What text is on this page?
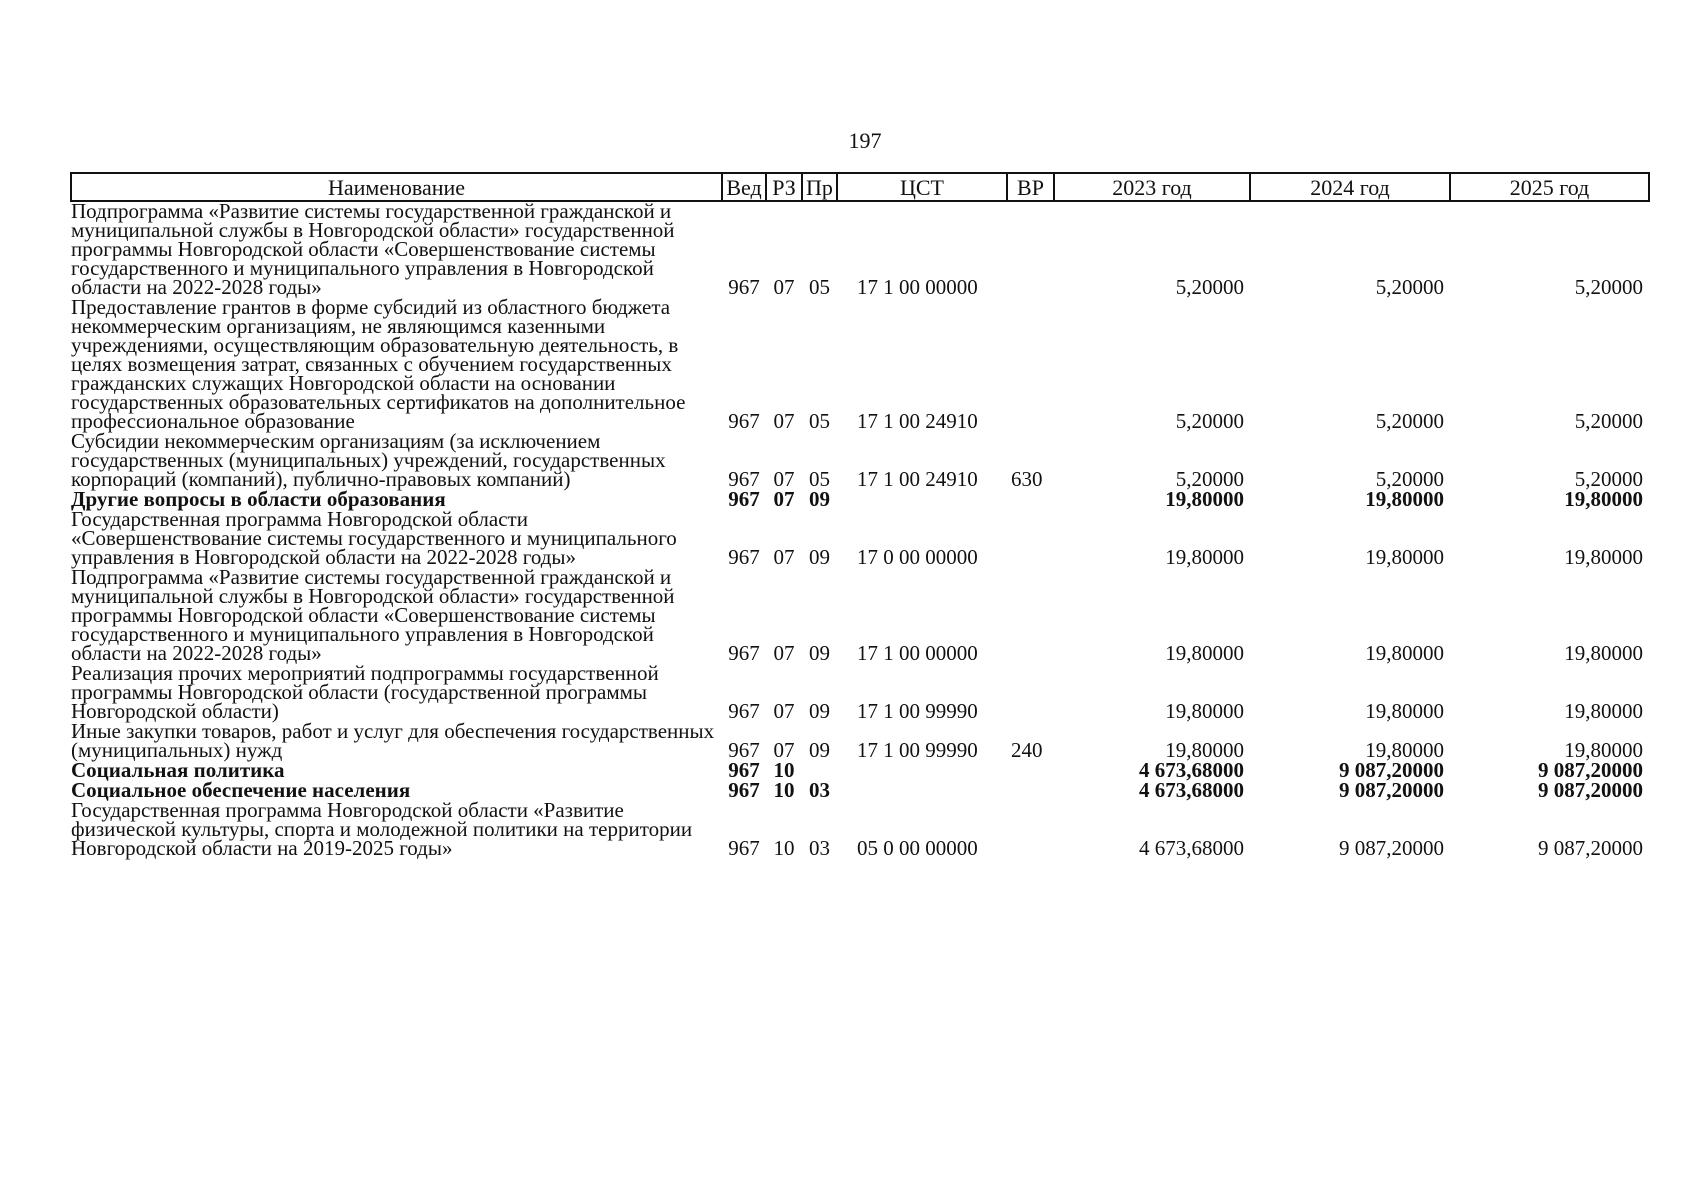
197
Наименование	Вед	РЗ	Пр	ЦСТ	ВР	2023 год	2024 год	2025 год
Подпрограмма «Развитие системы государственной гражданской и муниципальной службы в Новгородской области» государственной программы Новгородской области «Совершенствование системы государственного и муниципального управления в Новгородской области на 2022-2028 годы»	967	07	05	17 1 00 00000		5,20000	5,20000	5,20000
Предоставление грантов в форме субсидий из областного бюджета некоммерческим организациям, не являющимся казенными учреждениями, осуществляющим образовательную деятельность, в целях возмещения затрат, связанных с обучением государственных гражданских служащих Новгородской области на основании государственных образовательных сертификатов на дополнительное профессиональное образование	967	07	05	17 1 00 24910		5,20000	5,20000	5,20000
Субсидии некоммерческим организациям (за исключением государственных (муниципальных) учреждений, государственных корпораций (компаний), публично-правовых компаний)	967	07	05	17 1 00 24910	630	5,20000	5,20000	5,20000
Другие вопросы в области образования	967	07	09			19,80000	19,80000	19,80000
Государственная программа Новгородской области «Совершенствование системы государственного и муниципального управления в Новгородской области на 2022-2028 годы»	967	07	09	17 0 00 00000		19,80000	19,80000	19,80000
Подпрограмма «Развитие системы государственной гражданской и муниципальной службы в Новгородской области» государственной программы Новгородской области «Совершенствование системы государственного и муниципального управления в Новгородской области на 2022-2028 годы»	967	07	09	17 1 00 00000		19,80000	19,80000	19,80000
Реализация прочих мероприятий подпрограммы государственной программы Новгородской области (государственной программы Новгородской области)	967	07	09	17 1 00 99990		19,80000	19,80000	19,80000
Иные закупки товаров, работ и услуг для обеспечения государственных (муниципальных) нужд	967	07	09	17 1 00 99990	240	19,80000	19,80000	19,80000
Социальная политика	967	10				4 673,68000	9 087,20000	9 087,20000
Социальное обеспечение населения	967	10	03			4 673,68000	9 087,20000	9 087,20000
Государственная программа Новгородской области «Развитие физической культуры, спорта и молодежной политики на территории Новгородской области на 2019-2025 годы»	967	10	03	05 0 00 00000		4 673,68000	9 087,20000	9 087,20000
